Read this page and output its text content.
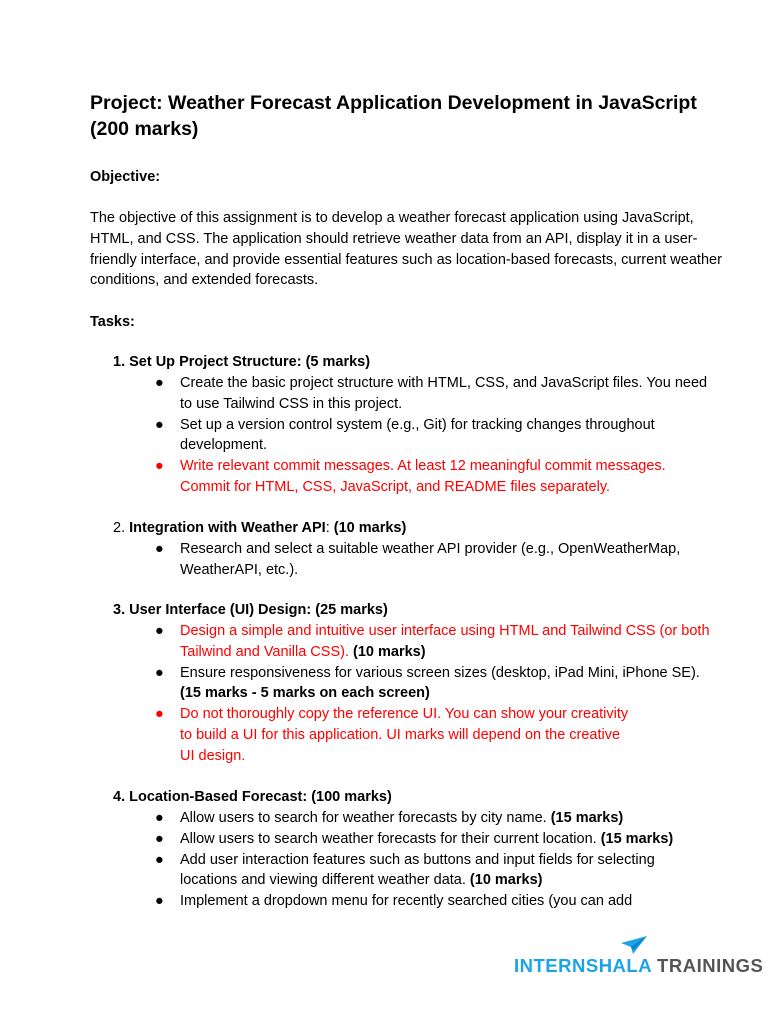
Project: Weather Forecast Application Development in JavaScript (200 marks)

Objective:

The objective of this assignment is to develop a weather forecast application using JavaScript, HTML, and CSS. The application should retrieve weather data from an API, display it in a user-friendly interface, and provide essential features such as location-based forecasts, current weather conditions, and extended forecasts.

Tasks:

1. Set Up Project Structure: (5 marks)

● Create the basic project structure with HTML, CSS, and JavaScript files. You need to use Tailwind CSS in this project.
● Set up a version control system (e.g., Git) for tracking changes throughout development.
● Write relevant commit messages. At least 12 meaningful commit messages. Commit for HTML, CSS, JavaScript, and README files separately.

2. Integration with Weather API: (10 marks)

● Research and select a suitable weather API provider (e.g., OpenWeatherMap, WeatherAPI, etc.).

3. User Interface (UI) Design: (25 marks)

● Design a simple and intuitive user interface using HTML and Tailwind CSS (or both Tailwind and Vanilla CSS). (10 marks)
● Ensure responsiveness for various screen sizes (desktop, iPad Mini, iPhone SE). (15 marks - 5 marks on each screen)
● Do not thoroughly copy the reference UI. You can show your creativity to build a UI for this application. UI marks will depend on the creative UI design.

4. Location-Based Forecast: (100 marks)

● Allow users to search for weather forecasts by city name. (15 marks)
● Allow users to search weather forecasts for their current location. (15 marks)
● Add user interaction features such as buttons and input fields for selecting locations and viewing different weather data. (10 marks)
● Implement a dropdown menu for recently searched cities (you can add
INTERNSHALA TRAININGS
